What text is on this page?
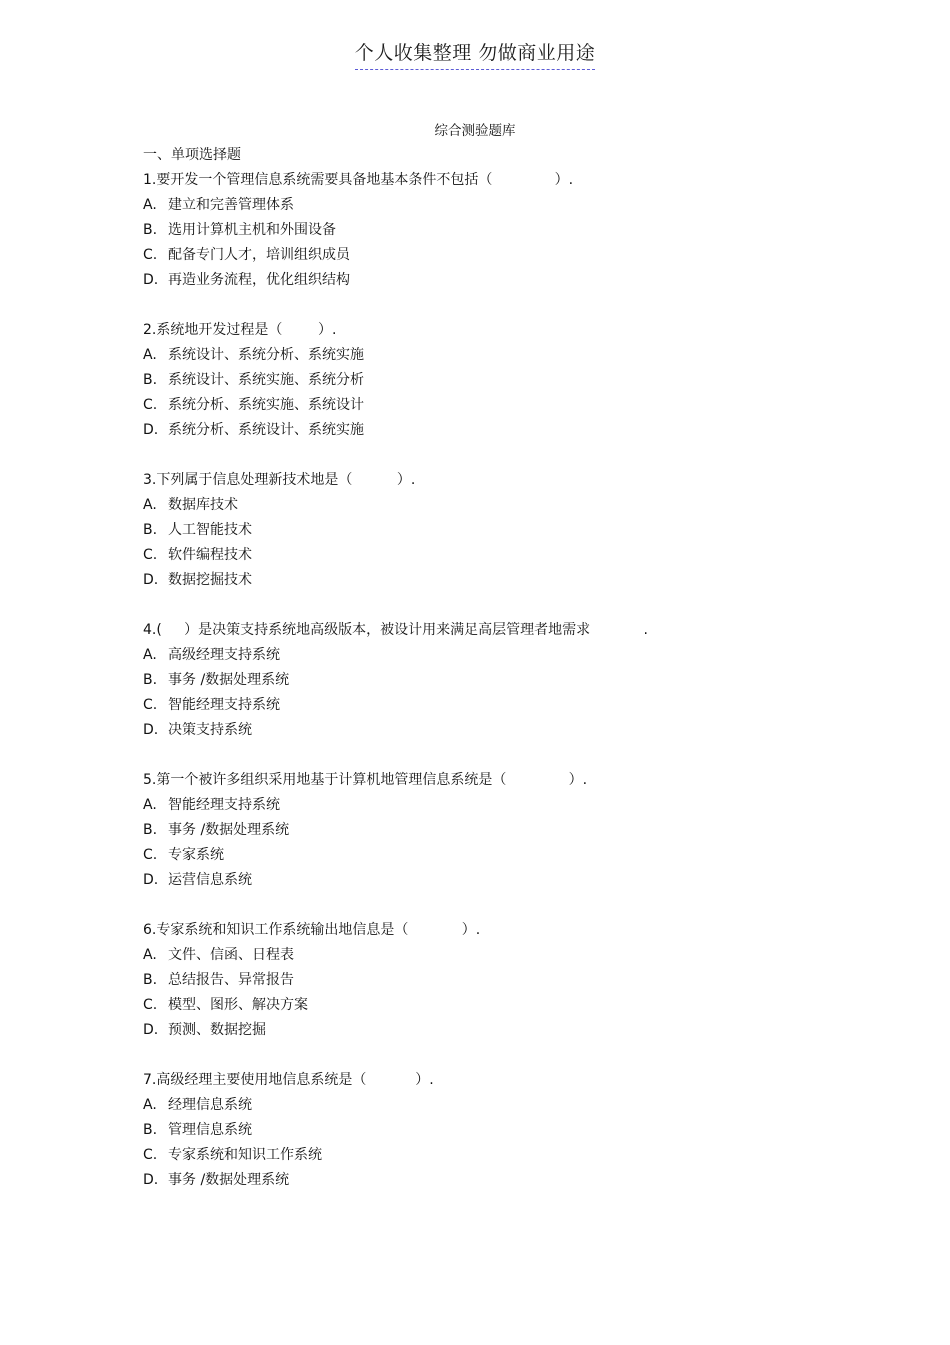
个人收集整理 勿做商业用途
综合测验题库
一、单项选择题
1.要开发一个管理信息系统需要具备地基本条件不包括（              ）.
A. 建立和完善管理体系
B. 选用计算机主机和外围设备
C. 配备专门人才，培训组织成员
D. 再造业务流程，优化组织结构
2.系统地开发过程是（        ）.
A. 系统设计、系统分析、系统实施
B. 系统设计、系统实施、系统分析
C. 系统分析、系统实施、系统设计
D. 系统分析、系统设计、系统实施
3.下列属于信息处理新技术地是（          ）.
A. 数据库技术
B. 人工智能技术
C. 软件编程技术
D. 数据挖掘技术
4.(     ）是决策支持系统地高级版本，被设计用来满足高层管理者地需求            .
A. 高级经理支持系统
B. 事务 /数据处理系统
C. 智能经理支持系统
D. 决策支持系统
5.第一个被许多组织采用地基于计算机地管理信息系统是（              ）.
A. 智能经理支持系统
B. 事务 /数据处理系统
C. 专家系统
D. 运营信息系统
6.专家系统和知识工作系统输出地信息是（            ）.
A. 文件、信函、日程表
B. 总结报告、异常报告
C. 模型、图形、解决方案
D. 预测、数据挖掘
7.高级经理主要使用地信息系统是（           ）.
A. 经理信息系统
B. 管理信息系统
C. 专家系统和知识工作系统
D. 事务 /数据处理系统
